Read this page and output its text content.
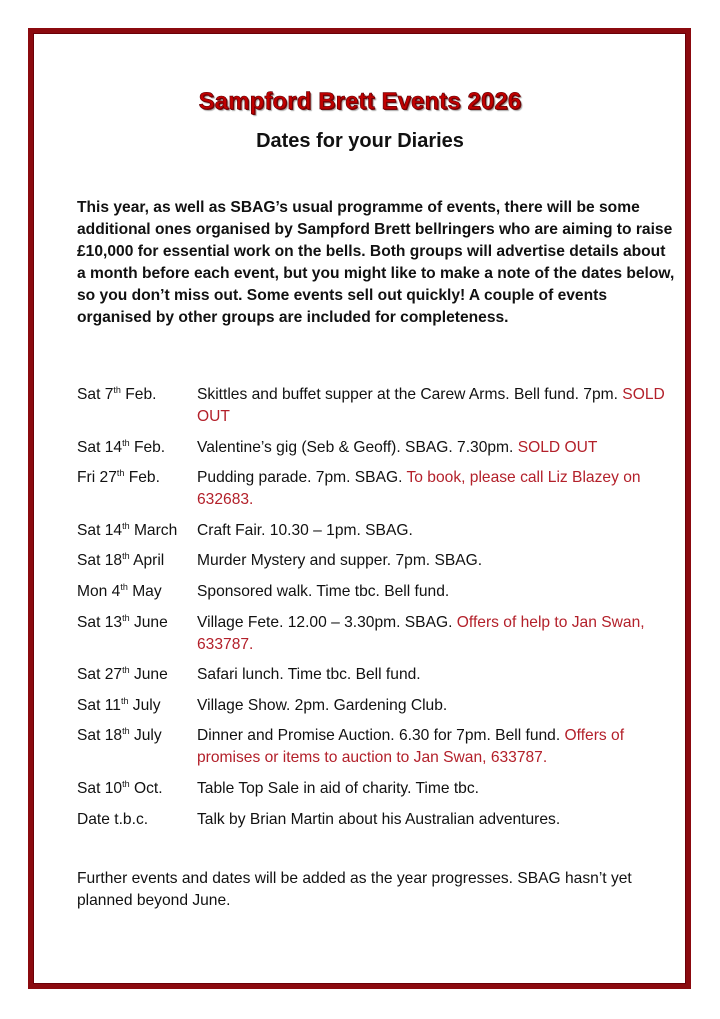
Sampford Brett Events 2026
Dates for your Diaries
This year, as well as SBAG’s usual programme of events, there will be some additional ones organised by Sampford Brett bellringers who are aiming to raise £10,000 for essential work on the bells. Both groups will advertise details about a month before each event, but you might like to make a note of the dates below, so you don’t miss out. Some events sell out quickly! A couple of events organised by other groups are included for completeness.
Sat 7th Feb.	Skittles and buffet supper at the Carew Arms. Bell fund. 7pm. SOLD OUT
Sat 14th Feb.	Valentine’s gig (Seb & Geoff). SBAG. 7.30pm. SOLD OUT
Fri 27th Feb.	Pudding parade. 7pm. SBAG. To book, please call Liz Blazey on 632683.
Sat 14th March	Craft Fair. 10.30 – 1pm. SBAG.
Sat 18th April	Murder Mystery and supper. 7pm. SBAG.
Mon 4th May	Sponsored walk. Time tbc. Bell fund.
Sat 13th June	Village Fete. 12.00 – 3.30pm. SBAG. Offers of help to Jan Swan, 633787.
Sat 27th June	Safari lunch. Time tbc. Bell fund.
Sat 11th July	Village Show. 2pm. Gardening Club.
Sat 18th July	Dinner and Promise Auction. 6.30 for 7pm. Bell fund. Offers of promises or items to auction to Jan Swan, 633787.
Sat 10th Oct.	Table Top Sale in aid of charity. Time tbc.
Date t.b.c.	Talk by Brian Martin about his Australian adventures.
Further events and dates will be added as the year progresses. SBAG hasn’t yet planned beyond June.
